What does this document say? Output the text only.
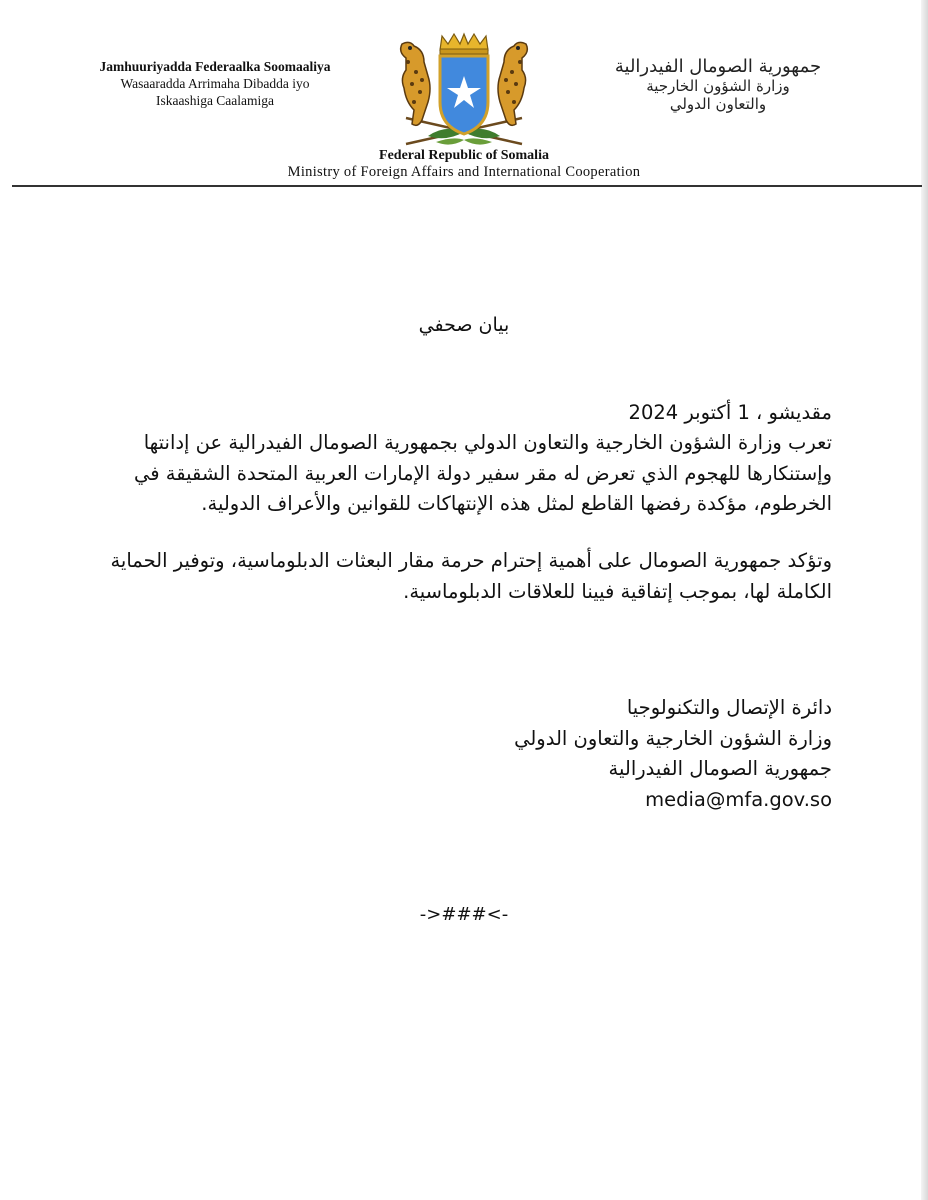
Jamhuuriyadda Federaalka Soomaaliya
Wasaaradda Arrimaha Dibadda iyo
Iskaashiga Caalamiga
جمهورية الصومال الفيدرالية
وزارة الشؤون الخارجية
والتعاون الدولي
Federal Republic of Somalia
Ministry of Foreign Affairs and International Cooperation
بيان صحفي
مقديشو ، 1 أكتوبر 2024

تعرب وزارة الشؤون الخارجية والتعاون الدولي بجمهورية الصومال الفيدرالية عن إدانتها

وإستنكارها للهجوم الذي تعرض له مقر سفير دولة الإمارات العربية المتحدة الشقيقة في

الخرطوم، مؤكدة رفضها القاطع لمثل هذه الإنتهاكات للقوانين والأعراف الدولية.

وتؤكد جمهورية الصومال على أهمية إحترام حرمة مقار البعثات الدبلوماسية، وتوفير الحماية

الكاملة لها، بموجب إتفاقية فيينا للعلاقات الدبلوماسية.

دائرة الإتصال والتكنولوجيا

وزارة الشؤون الخارجية والتعاون الدولي

جمهورية الصومال الفيدرالية

media@mfa.gov.so

->###<-
